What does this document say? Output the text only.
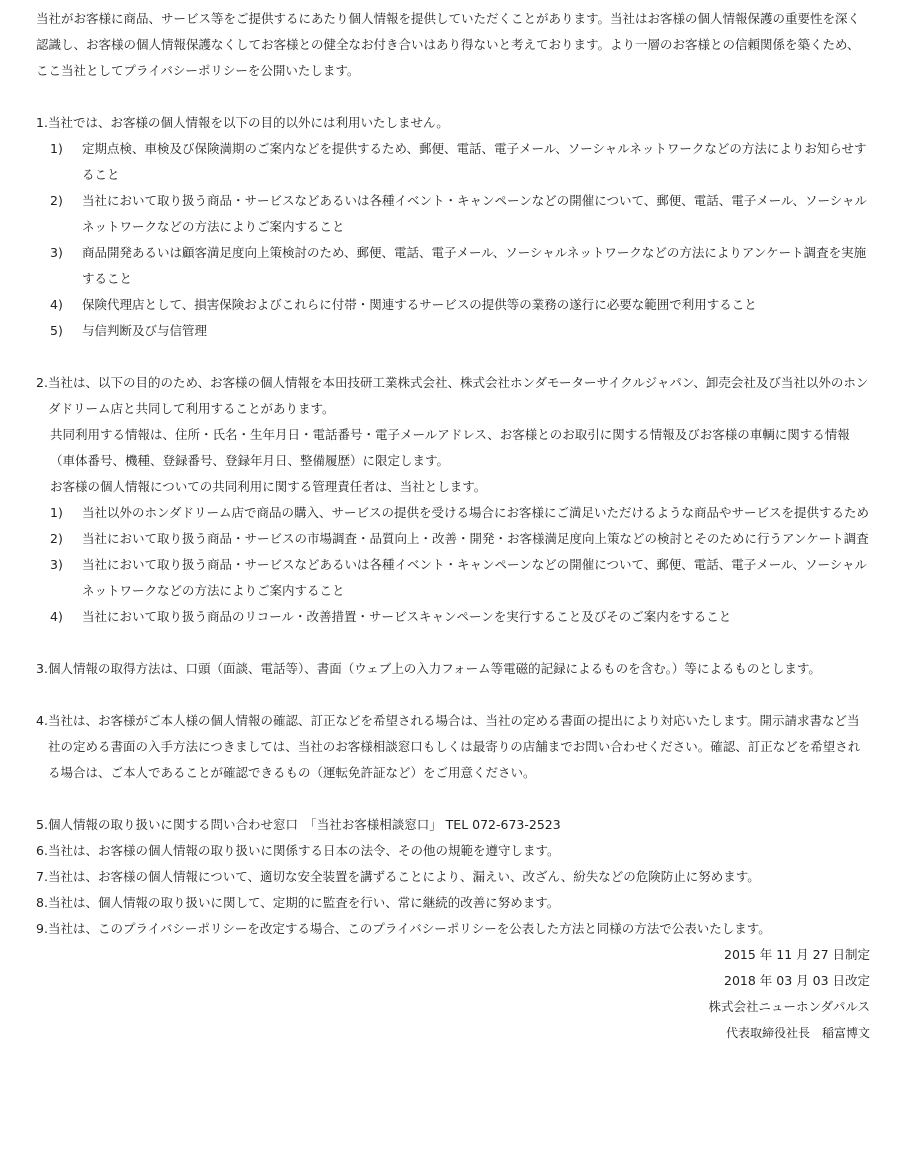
当社がお客様に商品、サービス等をご提供するにあたり個人情報を提供していただくことがあります。当社はお客様の個人情報保護の重要性を深く認識し、お客様の個人情報保護なくしてお客様との健全なお付き合いはあり得ないと考えております。より一層のお客様との信頼関係を築くため、ここ当社としてプライバシーポリシーを公開いたします。

1. 当社では、お客様の個人情報を以下の目的以外には利用いたしません。
1)	定期点検、車検及び保険満期のご案内などを提供するため、郵便、電話、電子メール、ソーシャルネットワークなどの方法によりお知らせすること
2)	当社において取り扱う商品・サービスなどあるいは各種イベント・キャンペーンなどの開催について、郵便、電話、電子メール、ソーシャルネットワークなどの方法によりご案内すること
3)	商品開発あるいは顧客満足度向上策検討のため、郵便、電話、電子メール、ソーシャルネットワークなどの方法によりアンケート調査を実施すること
4)	保険代理店として、損害保険およびこれらに付帯・関連するサービスの提供等の業務の遂行に必要な範囲で利用すること
5)	与信判断及び与信管理
2. 当社は、以下の目的のため、お客様の個人情報を本田技研工業株式会社、株式会社ホンダモーターサイクルジャパン、卸売会社及び当社以外のホンダドリーム店と共同して利用することがあります。
共同利用する情報は、住所・氏名・生年月日・電話番号・電子メールアドレス、お客様とのお取引に関する情報及びお客様の車輌に関する情報（車体番号、機種、登録番号、登録年月日、整備履歴）に限定します。
お客様の個人情報についての共同利用に関する管理責任者は、当社とします。
1)	当社以外のホンダドリーム店で商品の購入、サービスの提供を受ける場合にお客様にご満足いただけるような商品やサービスを提供するため
2)	当社において取り扱う商品・サービスの市場調査・品質向上・改善・開発・お客様満足度向上策などの検討とそのために行うアンケート調査
3)	当社において取り扱う商品・サービスなどあるいは各種イベント・キャンペーンなどの開催について、郵便、電話、電子メール、ソーシャルネットワークなどの方法によりご案内すること
4)	当社において取り扱う商品のリコール・改善措置・サービスキャンペーンを実行すること及びそのご案内をすること
3. 個人情報の取得方法は、口頭（面談、電話等）、書面（ウェブ上の入力フォーム等電磁的記録によるものを含む。）等によるものとします。
4. 当社は、お客様がご本人様の個人情報の確認、訂正などを希望される場合は、当社の定める書面の提出により対応いたします。開示請求書など当社の定める書面の入手方法につきましては、当社のお客様相談窓口もしくは最寄りの店舗までお問い合わせください。確認、訂正などを希望される場合は、ご本人であることが確認できるもの（運転免許証など）をご用意ください。
5. 個人情報の取り扱いに関する問い合わせ窓口　「当社お客様相談窓口」 TEL 072-673-2523
6. 当社は、お客様の個人情報の取り扱いに関係する日本の法令、その他の規範を遵守します。
7. 当社は、お客様の個人情報について、適切な安全装置を講ずることにより、漏えい、改ざん、紛失などの危険防止に努めます。
8. 当社は、個人情報の取り扱いに関して、定期的に監査を行い、常に継続的改善に努めます。
9. 当社は、このプライバシーポリシーを改定する場合、このプライバシーポリシーを公表した方法と同様の方法で公表いたします。
2015 年 11 月 27 日制定
2018 年 03 月 03 日改定
株式会社ニューホンダパルス
代表取締役社長　稲富博文
